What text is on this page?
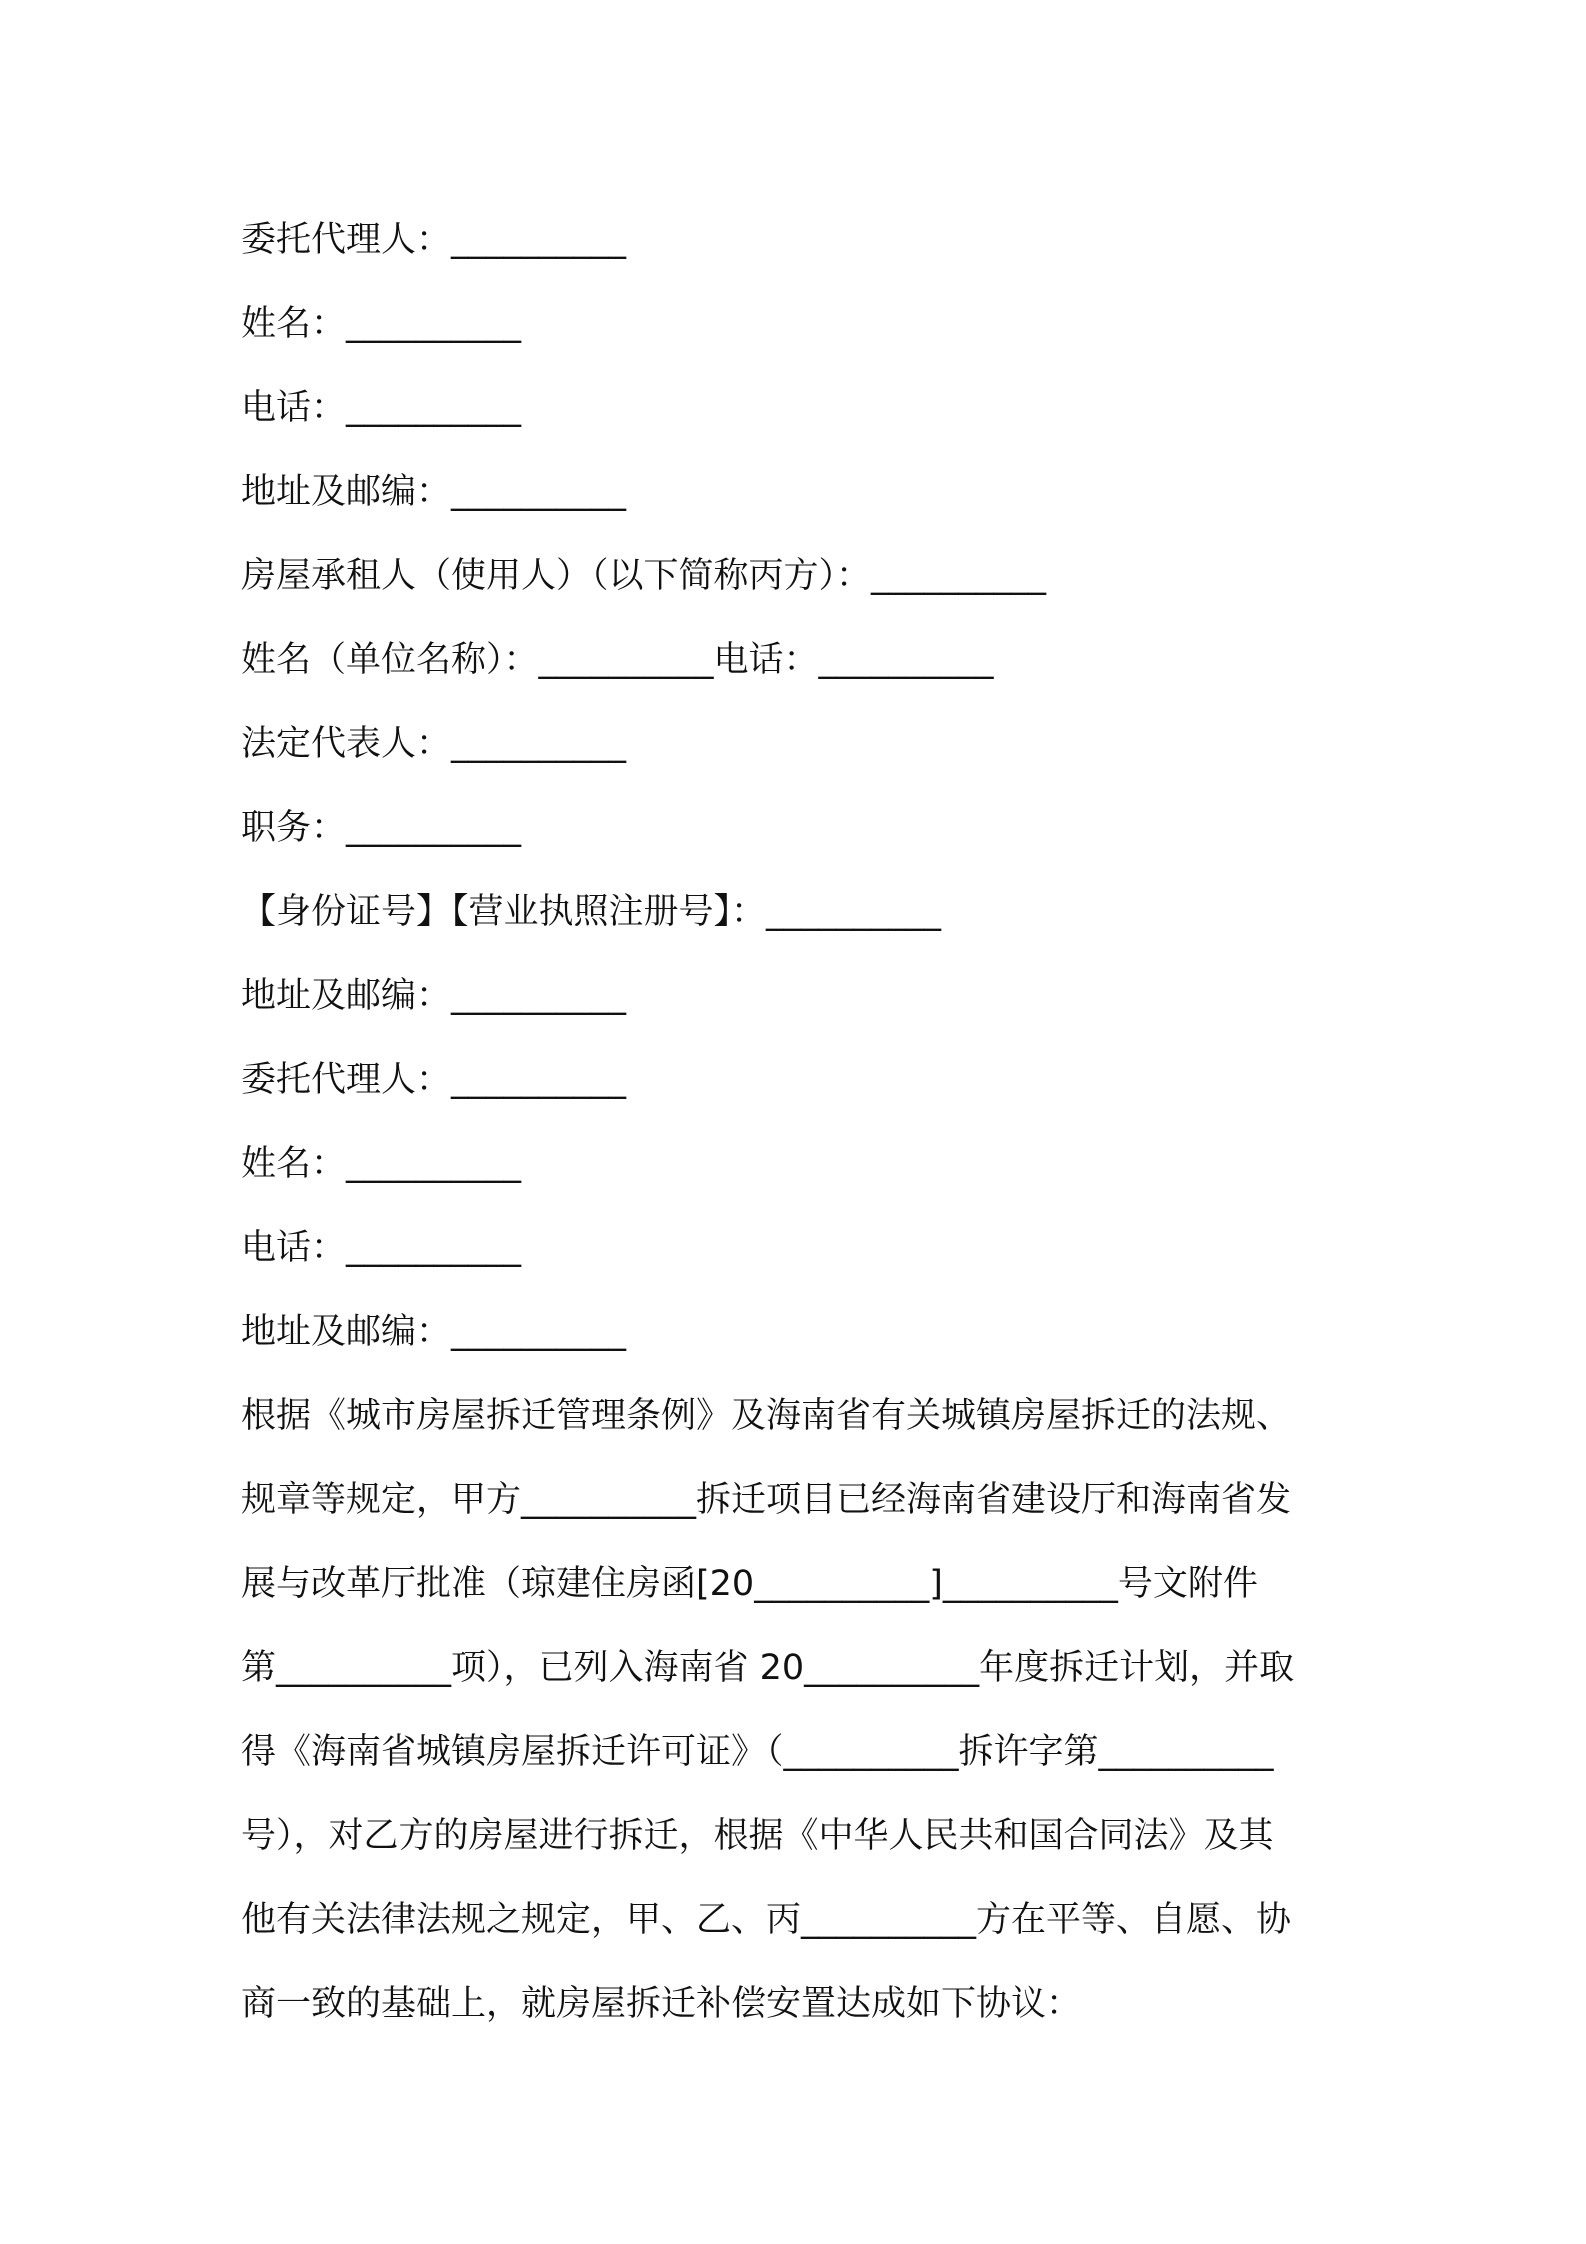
委托代理人：__________
姓名：__________
电话：__________
地址及邮编：__________
房屋承租人（使用人）（以下简称丙方）：__________
姓名（单位名称）：__________电话：__________
法定代表人：__________
职务：__________
【身份证号】【营业执照注册号】：__________
地址及邮编：__________
委托代理人：__________
姓名：__________
电话：__________
地址及邮编：__________
根据《城市房屋拆迁管理条例》及海南省有关城镇房屋拆迁的法规、
规章等规定，甲方__________拆迁项目已经海南省建设厅和海南省发
展与改革厅批准（琼建住房函[20__________]__________号文附件
第__________项），已列入海南省 20__________年度拆迁计划，并取
得《海南省城镇房屋拆迁许可证》（__________拆许字第__________
号），对乙方的房屋进行拆迁，根据《中华人民共和国合同法》及其
他有关法律法规之规定，甲、乙、丙__________方在平等、自愿、协
商一致的基础上，就房屋拆迁补偿安置达成如下协议：
